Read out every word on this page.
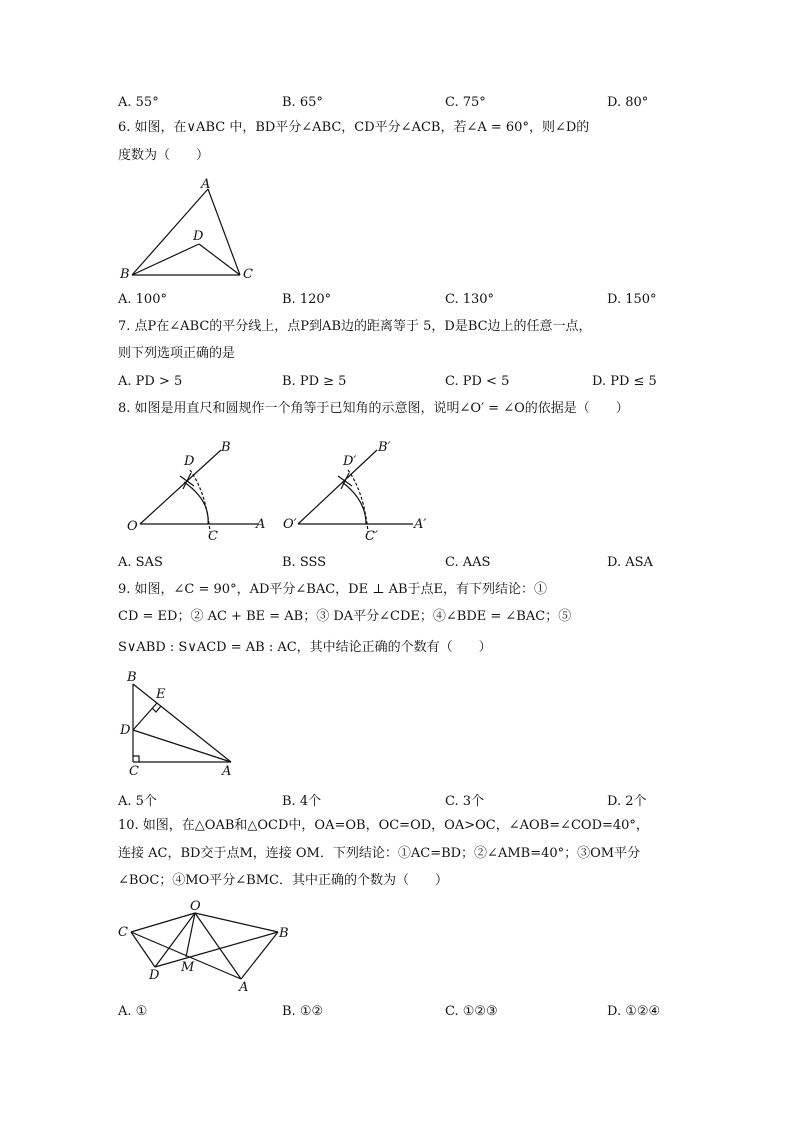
A. 55°	B. 65°	C. 75°	D. 80°
6. 如图，在∨ABC 中，BD平分∠ABC，CD平分∠ACB，若∠A = 60°，则∠D的
度数为（　　）
A
B	C
D
A. 100°	B. 120°	C. 130°	D. 150°
7. 点P在∠ABC的平分线上，点P到AB边的距离等于 5，D是BC边上的任意一点，
则下列选项正确的是
A. PD > 5	B. PD ≥ 5	C. PD < 5	D. PD ≤ 5
8. 如图是用直尺和圆规作一个角等于已知角的示意图，说明∠O′ = ∠O的依据是（　　）
O	A
B
C
D
O′	A′
B′
C′
D′
A. SAS	B. SSS	C. AAS	D. ASA
9. 如图，∠C = 90°，AD平分∠BAC，DE ⊥ AB于点E，有下列结论：①
CD = ED；② AC + BE = AB；③ DA平分∠CDE；④∠BDE = ∠BAC；⑤
S∨ABD : S∨ACD = AB : AC，其中结论正确的个数有（　　）
B
E
D
C	A
A. 5个	B. 4个	C. 3个	D. 2个
10. 如图，在△OAB和△OCD中，OA=OB，OC=OD，OA>OC，∠AOB=∠COD=40°，
连接 AC，BD交于点M，连接 OM．下列结论：①AC=BD；②∠AMB=40°；③OM平分
∠BOC；④MO平分∠BMC．其中正确的个数为（　　）
O
C	B
D
M
A
A. ①	B. ①②	C. ①②③	D. ①②④
